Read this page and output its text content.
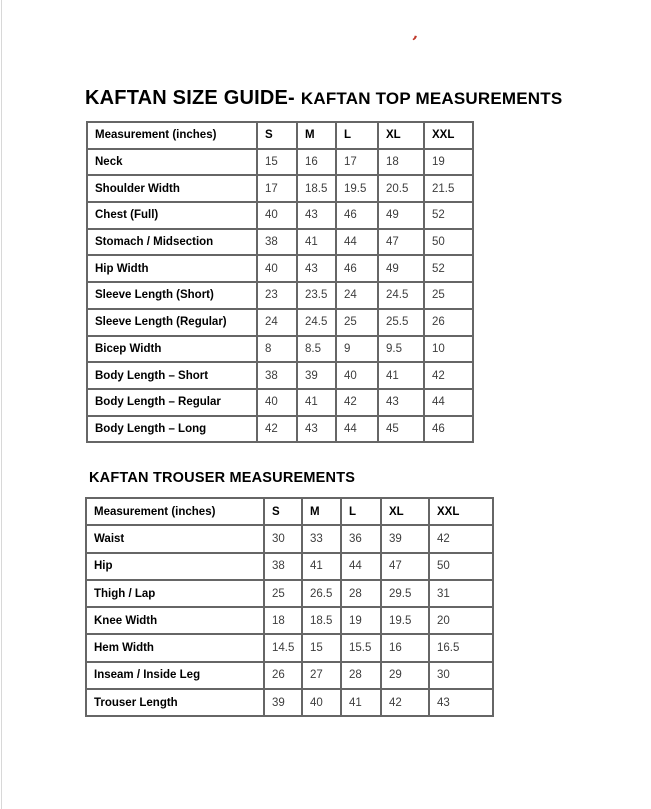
’
KAFTAN SIZE GUIDE- KAFTAN TOP MEASUREMENTS
Measurement (inches)	S	M	L	XL	XXL
Neck	15	16	17	18	19
Shoulder Width	17	18.5	19.5	20.5	21.5
Chest (Full)	40	43	46	49	52
Stomach / Midsection	38	41	44	47	50
Hip Width	40	43	46	49	52
Sleeve Length (Short)	23	23.5	24	24.5	25
Sleeve Length (Regular)	24	24.5	25	25.5	26
Bicep Width	8	8.5	9	9.5	10
Body Length – Short	38	39	40	41	42
Body Length – Regular	40	41	42	43	44
Body Length – Long	42	43	44	45	46
KAFTAN TROUSER MEASUREMENTS
Measurement (inches)	S	M	L	XL	XXL
Waist	30	33	36	39	42
Hip	38	41	44	47	50
Thigh / Lap	25	26.5	28	29.5	31
Knee Width	18	18.5	19	19.5	20
Hem Width	14.5	15	15.5	16	16.5
Inseam / Inside Leg	26	27	28	29	30
Trouser Length	39	40	41	42	43
